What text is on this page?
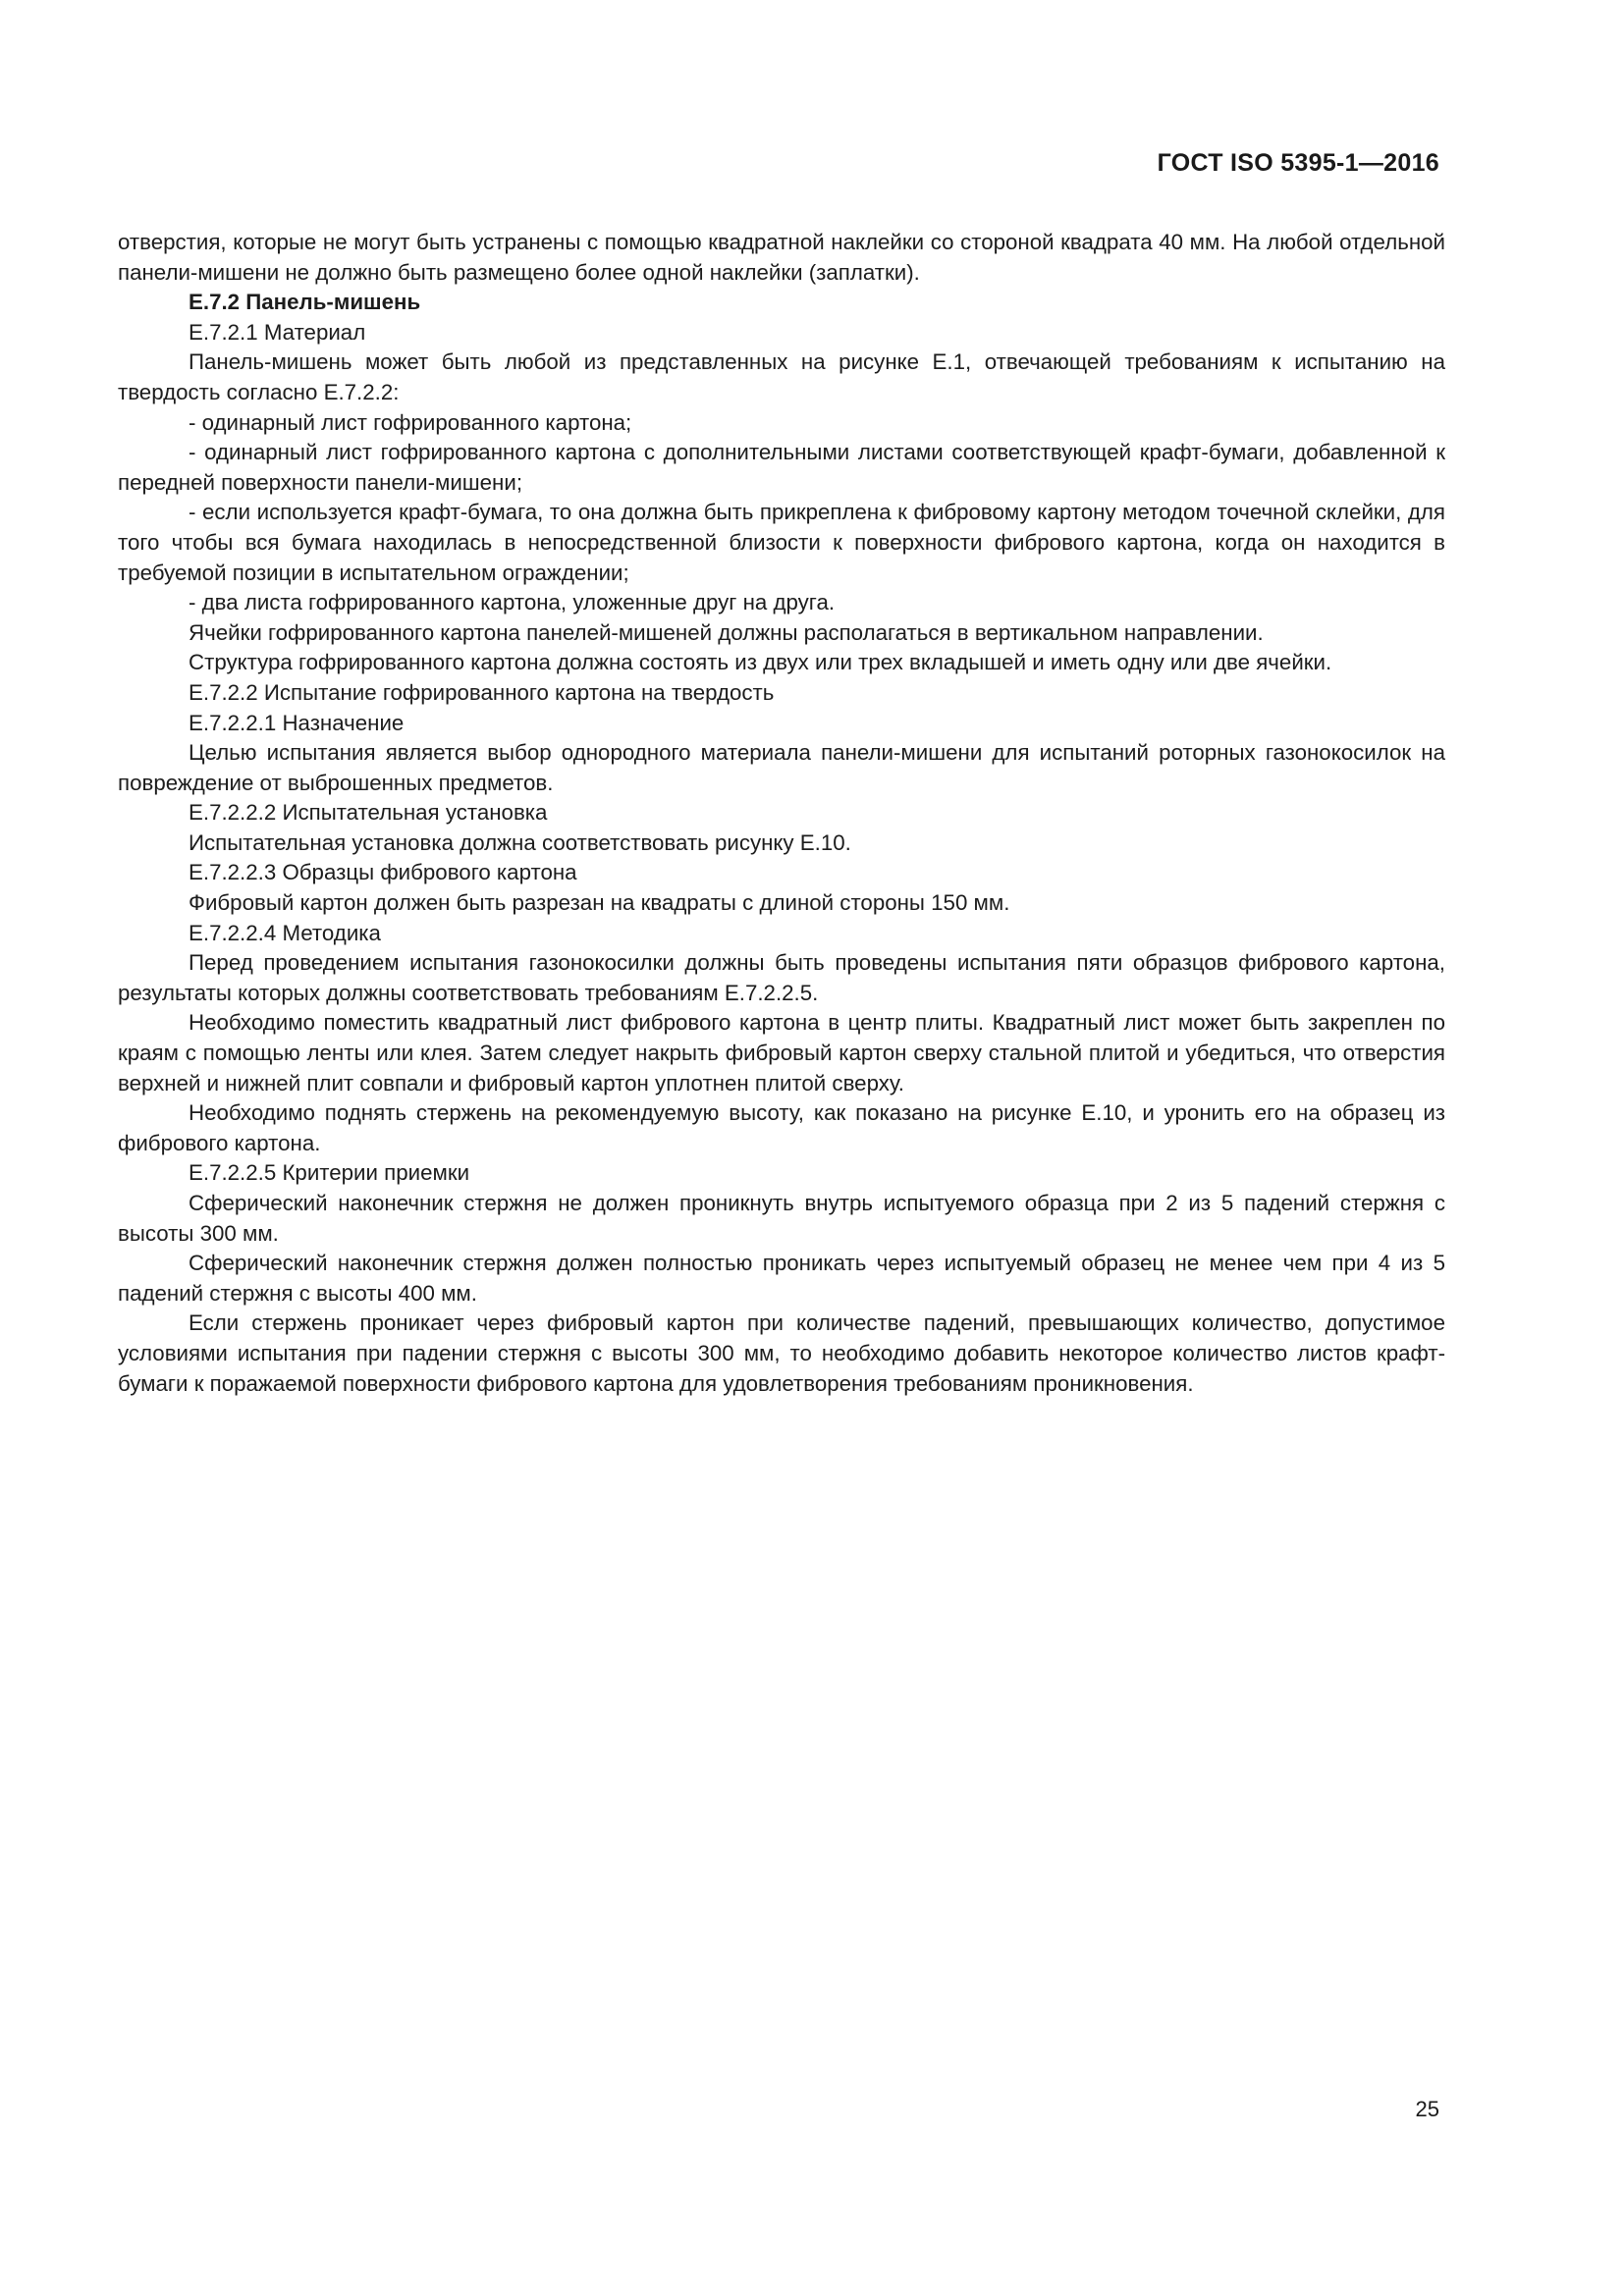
ГОСТ ISO 5395-1—2016

отверстия, которые не могут быть устранены с помощью квадратной наклейки со стороной квадрата 40 мм. На любой отдельной панели-мишени не должно быть размещено более одной наклейки (заплатки).

Е.7.2 Панель-мишень

Е.7.2.1 Материал

Панель-мишень может быть любой из представленных на рисунке Е.1, отвечающей требованиям к испытанию на твердость согласно Е.7.2.2:

- одинарный лист гофрированного картона;

- одинарный лист гофрированного картона с дополнительными листами соответствующей крафт-бумаги, добавленной к передней поверхности панели-мишени;

- если используется крафт-бумага, то она должна быть прикреплена к фибровому картону методом точечной склейки, для того чтобы вся бумага находилась в непосредственной близости к поверхности фибрового картона, когда он находится в требуемой позиции в испытательном ограждении;

- два листа гофрированного картона, уложенные друг на друга.

Ячейки гофрированного картона панелей-мишеней должны располагаться в вертикальном направлении.

Структура гофрированного картона должна состоять из двух или трех вкладышей и иметь одну или две ячейки.

Е.7.2.2 Испытание гофрированного картона на твердость

Е.7.2.2.1 Назначение

Целью испытания является выбор однородного материала панели-мишени для испытаний роторных газонокосилок на повреждение от выброшенных предметов.

Е.7.2.2.2 Испытательная установка

Испытательная установка должна соответствовать рисунку Е.10.

Е.7.2.2.3 Образцы фибрового картона

Фибровый картон должен быть разрезан на квадраты с длиной стороны 150 мм.

Е.7.2.2.4 Методика

Перед проведением испытания газонокосилки должны быть проведены испытания пяти образцов фибрового картона, результаты которых должны соответствовать требованиям Е.7.2.2.5.

Необходимо поместить квадратный лист фибрового картона в центр плиты. Квадратный лист может быть закреплен по краям с помощью ленты или клея. Затем следует накрыть фибровый картон сверху стальной плитой и убедиться, что отверстия верхней и нижней плит совпали и фибровый картон уплотнен плитой сверху.

Необходимо поднять стержень на рекомендуемую высоту, как показано на рисунке Е.10, и уронить его на образец из фибрового картона.

Е.7.2.2.5 Критерии приемки

Сферический наконечник стержня не должен проникнуть внутрь испытуемого образца при 2 из 5 падений стержня с высоты 300 мм.

Сферический наконечник стержня должен полностью проникать через испытуемый образец не менее чем при 4 из 5 падений стержня с высоты 400 мм.

Если стержень проникает через фибровый картон при количестве падений, превышающих количество, допустимое условиями испытания при падении стержня с высоты 300 мм, то необходимо добавить некоторое количество листов крафт-бумаги к поражаемой поверхности фибрового картона для удовлетворения требованиям проникновения.

25
